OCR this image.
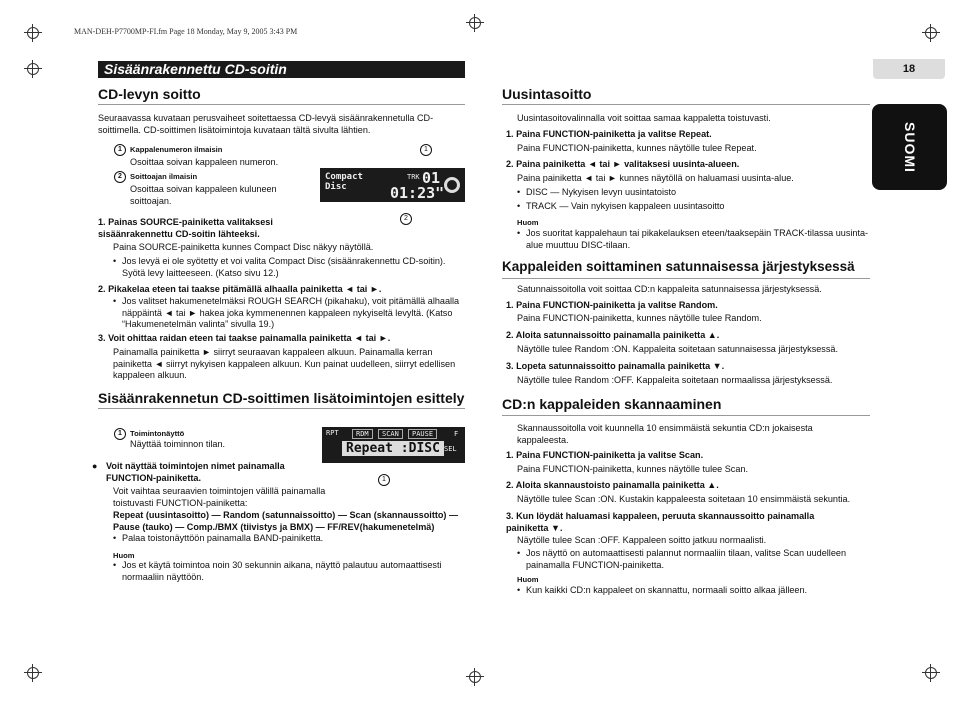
MAN-DEH-P7700MP-FI.fm Page 18 Monday, May 9, 2005 3:43 PM
18
SUOMI
Sisäänrakennettu CD-soitin
CD-levyn soitto
Seuraavassa kuvataan perusvaiheet soitettaessa CD-levyä sisäänrakennetulla CD-soittimella. CD-soittimen lisätoimintoja kuvataan tältä sivulta lähtien.
1 Kappalenumeron ilmaisin
Osoittaa soivan kappaleen numeron.
2 Soittoajan ilmaisin
Osoittaa soivan kappaleen kuluneen soittoajan.
1
2
Compact Disc
TRK 01
01:23"
1. Painas SOURCE-painiketta valitaksesi sisäänrakennettu CD-soitin lähteeksi.
Paina SOURCE-painiketta kunnes Compact Disc näkyy näytöllä.
• Jos levyä ei ole syötetty et voi valita Compact Disc (sisäänrakennettu CD-soitin). Syötä levy laitteeseen. (Katso sivu 12.)
2. Pikakelaa eteen tai taakse pitämällä alhaalla painiketta ◄ tai ►.
• Jos valitset hakumenetelmäksi ROUGH SEARCH (pikahaku), voit pitämällä alhaalla näppäintä ◄ tai ► hakea jokа kymmenennen kappaleen nykyiseltä levyltä. (Katso “Hakumenetelmän valinta” sivulla 19.)
3. Voit ohittaa raidan eteen tai taakse painamalla painiketta ◄ tai ►.
Painamalla painiketta ► siirryt seuraavan kappaleen alkuun. Painamalla kerran painiketta ◄ siirryt nykyisen kappaleen alkuun. Kun painat uudelleen, siirryt edellisen kappaleen alkuun.
Sisäänrakennetun CD-soittimen lisätoimintojen esittely
1 Toimintonäyttö
Näyttää toiminnon tilan.
1
RPT	RDM	SCAN	PAUSE	F
Repeat :DISC SEL
● Voit näyttää toimintojen nimet painamalla FUNCTION-painiketta.
Voit vaihtaa seuraavien toimintojen välillä painamalla toistuvasti FUNCTION-painiketta:
Repeat (uusintasoitto) — Random (satunnaissoitto) — Scan (skannaussoitto) — Pause (tauko) — Comp./BMX (tiivistys ja BMX) — FF/REV(hakumenetelmä)
• Palaa toistonäyttöön painamalla BAND-painiketta.
Huom
• Jos et käytä toimintoa noin 30 sekunnin aikana, näyttö palautuu automaattisesti normaaliin näyttöön.
Uusintasoitto
Uusintasoitovalinnalla voit soittaa samaa kappaletta toistuvasti.
1. Paina FUNCTION-painiketta ja valitse Repeat.
Paina FUNCTION-painiketta, kunnes näytölle tulee Repeat.
2. Paina painiketta ◄ tai ► valitaksesi uusinta-alueen.
Paina painiketta ◄ tai ► kunnes näytöllä on haluamasi uusinta-alue.
• DISC — Nykyisen levyn uusintatoisto
• TRACK — Vain nykyisen kappaleen uusintasoitto
Huom
• Jos suoritat kappalehaun tai pikakelauksen eteen/taaksepäin TRACK-tilassa uusinta-alue muuttuu DISC-tilaan.
Kappaleiden soittaminen satunnaisessa järjestyksessä
Satunnaissoitolla voit soittaa CD:n kappaleita satunnaisessa järjestyksessä.
1. Paina FUNCTION-painiketta ja valitse Random.
Paina FUNCTION-painiketta, kunnes näytölle tulee Random.
2. Aloita satunnaissoitto painamalla painiketta ▲.
Näytölle tulee Random :ON. Kappaleita soitetaan satunnaisessa järjestyksessä.
3. Lopeta satunnaissoitto painamalla painiketta ▼.
Näytölle tulee Random :OFF. Kappaleita soitetaan normaalissa järjestyksessä.
CD:n kappaleiden skannaaminen
Skannaussoitolla voit kuunnella 10 ensimmäistä sekuntia CD:n jokaisesta kappaleesta.
1. Paina FUNCTION-painiketta ja valitse Scan.
Paina FUNCTION-painiketta, kunnes näytölle tulee Scan.
2. Aloita skannaustoisto painamalla painiketta ▲.
Näytölle tulee Scan :ON. Kustakin kappaleesta soitetaan 10 ensimmäistä sekuntia.
3. Kun löydät haluamasi kappaleen, peruuta skannaussoitto painamalla painiketta ▼.
Näytölle tulee Scan :OFF. Kappaleen soitto jatkuu normaalisti.
• Jos näyttö on automaattisesti palannut normaaliin tilaan, valitse Scan uudelleen painamalla FUNCTION-painiketta.
Huom
• Kun kaikki CD:n kappaleet on skannattu, normaali soitto alkaa jälleen.
